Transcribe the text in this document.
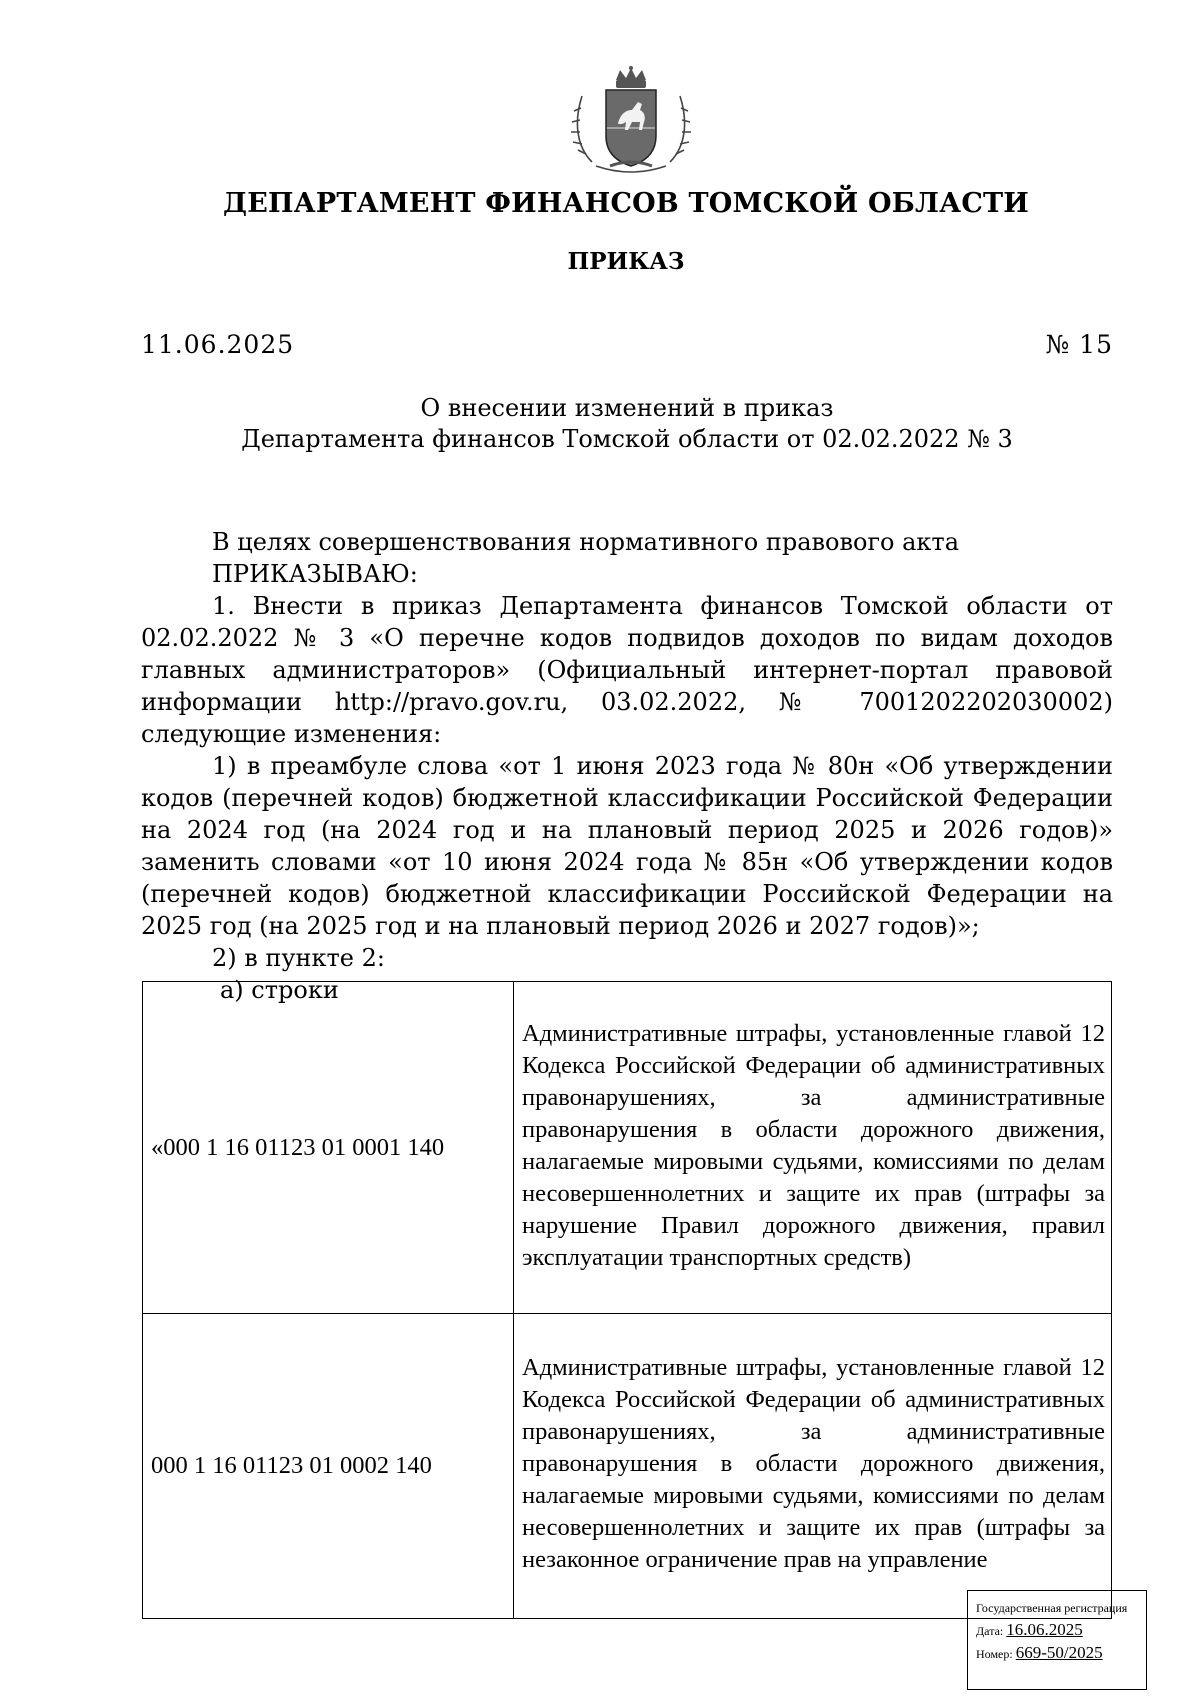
ДЕПАРТАМЕНТ ФИНАНСОВ ТОМСКОЙ ОБЛАСТИ
ПРИКАЗ
11.06.2025	№ 15
О внесении изменений в приказ
Департамента финансов Томской области от 02.02.2022 № 3

В целях совершенствования нормативного правового акта

ПРИКАЗЫВАЮ:

1. Внести в приказ Департамента финансов Томской области от 02.02.2022 № 3 «О перечне кодов подвидов доходов по видам доходов главных администраторов» (Официальный интернет-портал правовой информации http://pravo.gov.ru, 03.02.2022, № 7001202202030002) следующие изменения:

1) в преамбуле слова «от 1 июня 2023 года № 80н «Об утверждении кодов (перечней кодов) бюджетной классификации Российской Федерации на 2024 год (на 2024 год и на плановый период 2025 и 2026 годов)» заменить словами «от 10 июня 2024 года № 85н «Об утверждении кодов (перечней кодов) бюджетной классификации Российской Федерации на 2025 год (на 2025 год и на плановый период 2026 и 2027 годов)»;

2) в пункте 2:

а) строки

«000 1 16 01123 01 0001 140	Административные штрафы, установленные главой 12 Кодекса Российской Федерации об административных правонарушениях, за административные правонарушения в области дорожного движения, налагаемые мировыми судьями, комиссиями по делам несовершеннолетних и защите их прав (штрафы за нарушение Правил дорожного движения, правил эксплуатации транспортных средств)
000 1 16 01123 01 0002 140	Административные штрафы, установленные главой 12 Кодекса Российской Федерации об административных правонарушениях, за административные правонарушения в области дорожного движения, налагаемые мировыми судьями, комиссиями по делам несовершеннолетних и защите их прав (штрафы за незаконное ограничение прав на управление
Государственная регистрация
Дата: 16.06.2025
Номер: 669-50/2025
